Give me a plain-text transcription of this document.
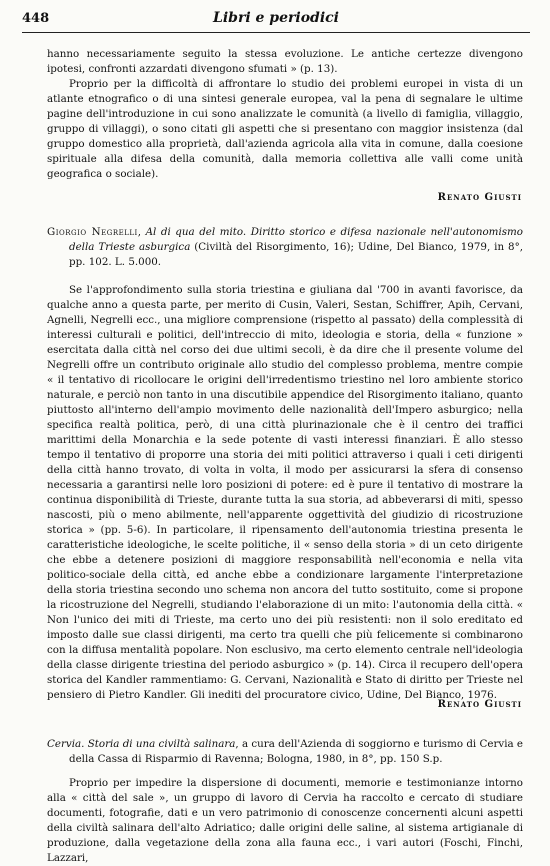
448	Libri e periodici

hanno necessariamente seguito la stessa evoluzione. Le antiche certezze divengono ipotesi, confronti azzardati divengono sfumati » (p. 13).

Proprio per la difficoltà di affrontare lo studio dei problemi europei in vista di un atlante etnografico o di una sintesi generale europea, val la pena di segnalare le ultime pagine dell'introduzione in cui sono analizzate le comunità (a livello di famiglia, villaggio, gruppo di villaggi), o sono citati gli aspetti che si presentano con maggior insistenza (dal gruppo domestico alla proprietà, dall'azienda agricola alla vita in comune, dalla coesione spirituale alla difesa della comunità, dalla memoria collettiva alle valli come unità geografica o sociale).

Renato Giusti
Giorgio Negrelli, Al di qua del mito. Diritto storico e difesa nazionale nell'autonomismo della Trieste asburgica (Civiltà del Risorgimento, 16); Udine, Del Bianco, 1979, in 8°, pp. 102. L. 5.000.

Se l'approfondimento sulla storia triestina e giuliana dal '700 in avanti favorisce, da qualche anno a questa parte, per merito di Cusin, Valeri, Sestan, Schiffrer, Apih, Cervani, Agnelli, Negrelli ecc., una migliore comprensione (rispetto al passato) della complessità di interessi culturali e politici, dell'intreccio di mito, ideologia e storia, della « funzione » esercitata dalla città nel corso dei due ultimi secoli, è da dire che il presente volume del Negrelli offre un contributo originale allo studio del complesso problema, mentre compie « il tentativo di ricollocare le origini dell'irredentismo triestino nel loro ambiente storico naturale, e perciò non tanto in una discutibile appendice del Risorgimento italiano, quanto piuttosto all'interno dell'ampio movimento delle nazionalità dell'Impero asburgico; nella specifica realtà politica, però, di una città plurinazionale che è il centro dei traffici marittimi della Monarchia e la sede potente di vasti interessi finanziari. È allo stesso tempo il tentativo di proporre una storia dei miti politici attraverso i quali i ceti dirigenti della città hanno trovato, di volta in volta, il modo per assicurarsi la sfera di consenso necessaria a garantirsi nelle loro posizioni di potere: ed è pure il tentativo di mostrare la continua disponibilità di Trieste, durante tutta la sua storia, ad abbeverarsi di miti, spesso nascosti, più o meno abilmente, nell'apparente oggettività del giudizio di ricostruzione storica » (pp. 5-6). In particolare, il ripensamento dell'autonomia triestina presenta le caratteristiche ideologiche, le scelte politiche, il « senso della storia » di un ceto dirigente che ebbe a detenere posizioni di maggiore responsabilità nell'economia e nella vita politico-sociale della città, ed anche ebbe a condizionare largamente l'interpretazione della storia triestina secondo uno schema non ancora del tutto sostituito, come si propone la ricostruzione del Negrelli, studiando l'elaborazione di un mito: l'autonomia della città. « Non l'unico dei miti di Trieste, ma certo uno dei più resistenti: non il solo ereditato ed imposto dalle sue classi dirigenti, ma certo tra quelli che più felicemente si combinarono con la diffusa mentalità popolare. Non esclusivo, ma certo elemento centrale nell'ideologia della classe dirigente triestina del periodo asburgico » (p. 14). Circa il recupero dell'opera storica del Kandler rammentiamo: G. Cervani, Nazionalità e Stato di diritto per Trieste nel pensiero di Pietro Kandler. Gli inediti del procuratore civico, Udine, Del Bianco, 1976.

Renato Giusti
Cervia. Storia di una civiltà salinara, a cura dell'Azienda di soggiorno e turismo di Cervia e della Cassa di Risparmio di Ravenna; Bologna, 1980, in 8°, pp. 150 S.p.

Proprio per impedire la dispersione di documenti, memorie e testimonianze intorno alla « città del sale », un gruppo di lavoro di Cervia ha raccolto e cercato di studiare documenti, fotografie, dati e un vero patrimonio di conoscenze concernenti alcuni aspetti della civiltà salinara dell'alto Adriatico; dalle origini delle saline, al sistema artigianale di produzione, dalla vegetazione della zona alla fauna ecc., i vari autori (Foschi, Finchi, Lazzari,
